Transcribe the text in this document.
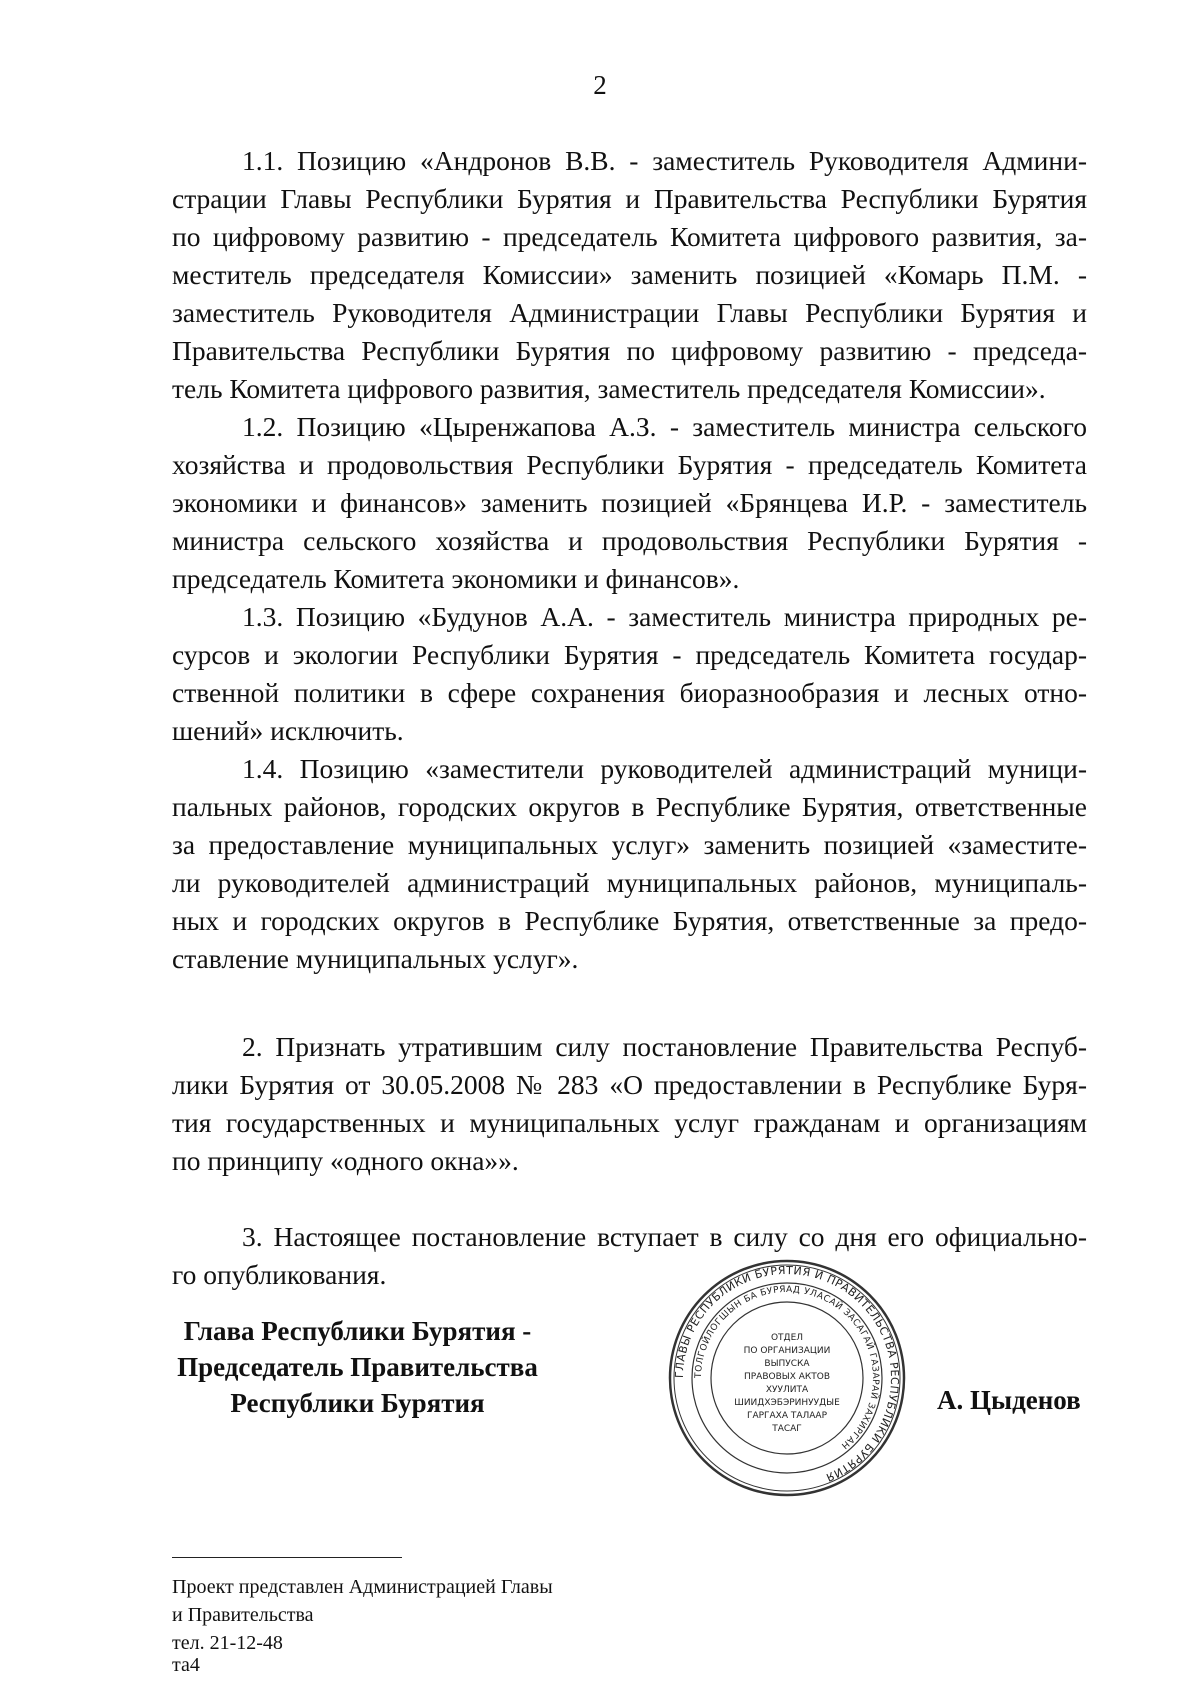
2
1.1. Позицию «Андронов В.В. - заместитель Руководителя Админи-
страции Главы Республики Бурятия и Правительства Республики Бурятия
по цифровому развитию - председатель Комитета цифрового развития, за-
меститель председателя Комиссии» заменить позицией «Комарь П.М. -
заместитель Руководителя Администрации Главы Республики Бурятия и
Правительства Республики Бурятия по цифровому развитию - председа-
тель Комитета цифрового развития, заместитель председателя Комиссии».
1.2. Позицию «Цыренжапова А.З. - заместитель министра сельского
хозяйства и продовольствия Республики Бурятия - председатель Комитета
экономики и финансов» заменить позицией «Брянцева И.Р. - заместитель
министра сельского хозяйства и продовольствия Республики Бурятия -
председатель Комитета экономики и финансов».
1.3. Позицию «Будунов А.А. - заместитель министра природных ре-
сурсов и экологии Республики Бурятия - председатель Комитета государ-
ственной политики в сфере сохранения биоразнообразия и лесных отно-
шений» исключить.
1.4. Позицию «заместители руководителей администраций муници-
пальных районов, городских округов в Республике Бурятия, ответственные
за предоставление муниципальных услуг» заменить позицией «заместите-
ли руководителей администраций муниципальных районов, муниципаль-
ных и городских округов в Республике Бурятия, ответственные за предо-
ставление муниципальных услуг».
2. Признать утратившим силу постановление Правительства Респуб-
лики Бурятия от 30.05.2008 № 283 «О предоставлении в Республике Буря-
тия государственных и муниципальных услуг гражданам и организациям
по принципу «одного окна»».
3. Настоящее постановление вступает в силу со дня его официально-
го опубликования.
Глава Республики Бурятия -
Председатель Правительства
Республики Бурятия
ГЛАВЫ РЕСПУБЛИКИ БУРЯТИЯ И ПРАВИТЕЛЬСТВА РЕСПУБЛИКИ БУРЯТИЯ
ТОЛГОЙЛОГШЫН БА БУРЯАД УЛАСАЙ ЗАСАГАЙ ГАЗАРАЙ ЗАХИРГАН
ОТДЕЛ
ПО ОРГАНИЗАЦИИ
ВЫПУСКА
ПРАВОВЫХ АКТОВ
ХУУЛИТА
ШИИДХЭБЭРИНУУДЫЕ
ГАРГАХА ТАЛААР
ТАСАГ
А. Цыденов
Проект представлен Администрацией Главы
и Правительства
тел. 21-12-48
та4
